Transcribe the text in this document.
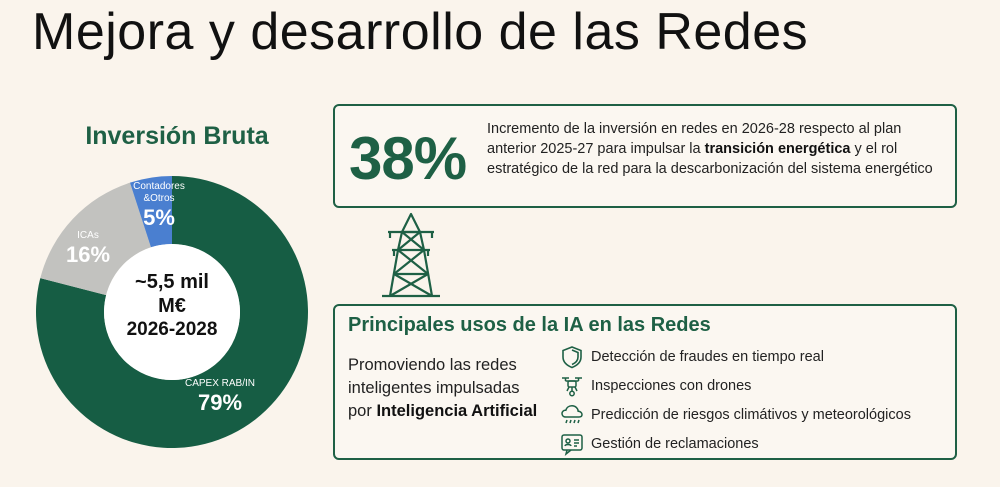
Mejora y desarrollo de las Redes
Inversión Bruta
~5,5 mil
M€
2026-2028
Contadores &Otros
5%
ICAs
16%
CAPEX RAB/IN
79%
38% Incremento de la inversión en redes en 2026-28 respecto al plan anterior 2025-27 para impulsar la transición energética y el rol estratégico de la red para la descarbonización del sistema energético
Principales usos de la IA en las Redes
Promoviendo las redes inteligentes impulsadas por Inteligencia Artificial
Detección de fraudes en tiempo real
Inspecciones con drones
Predicción de riesgos climátivos y meteorológicos
Gestión de reclamaciones
